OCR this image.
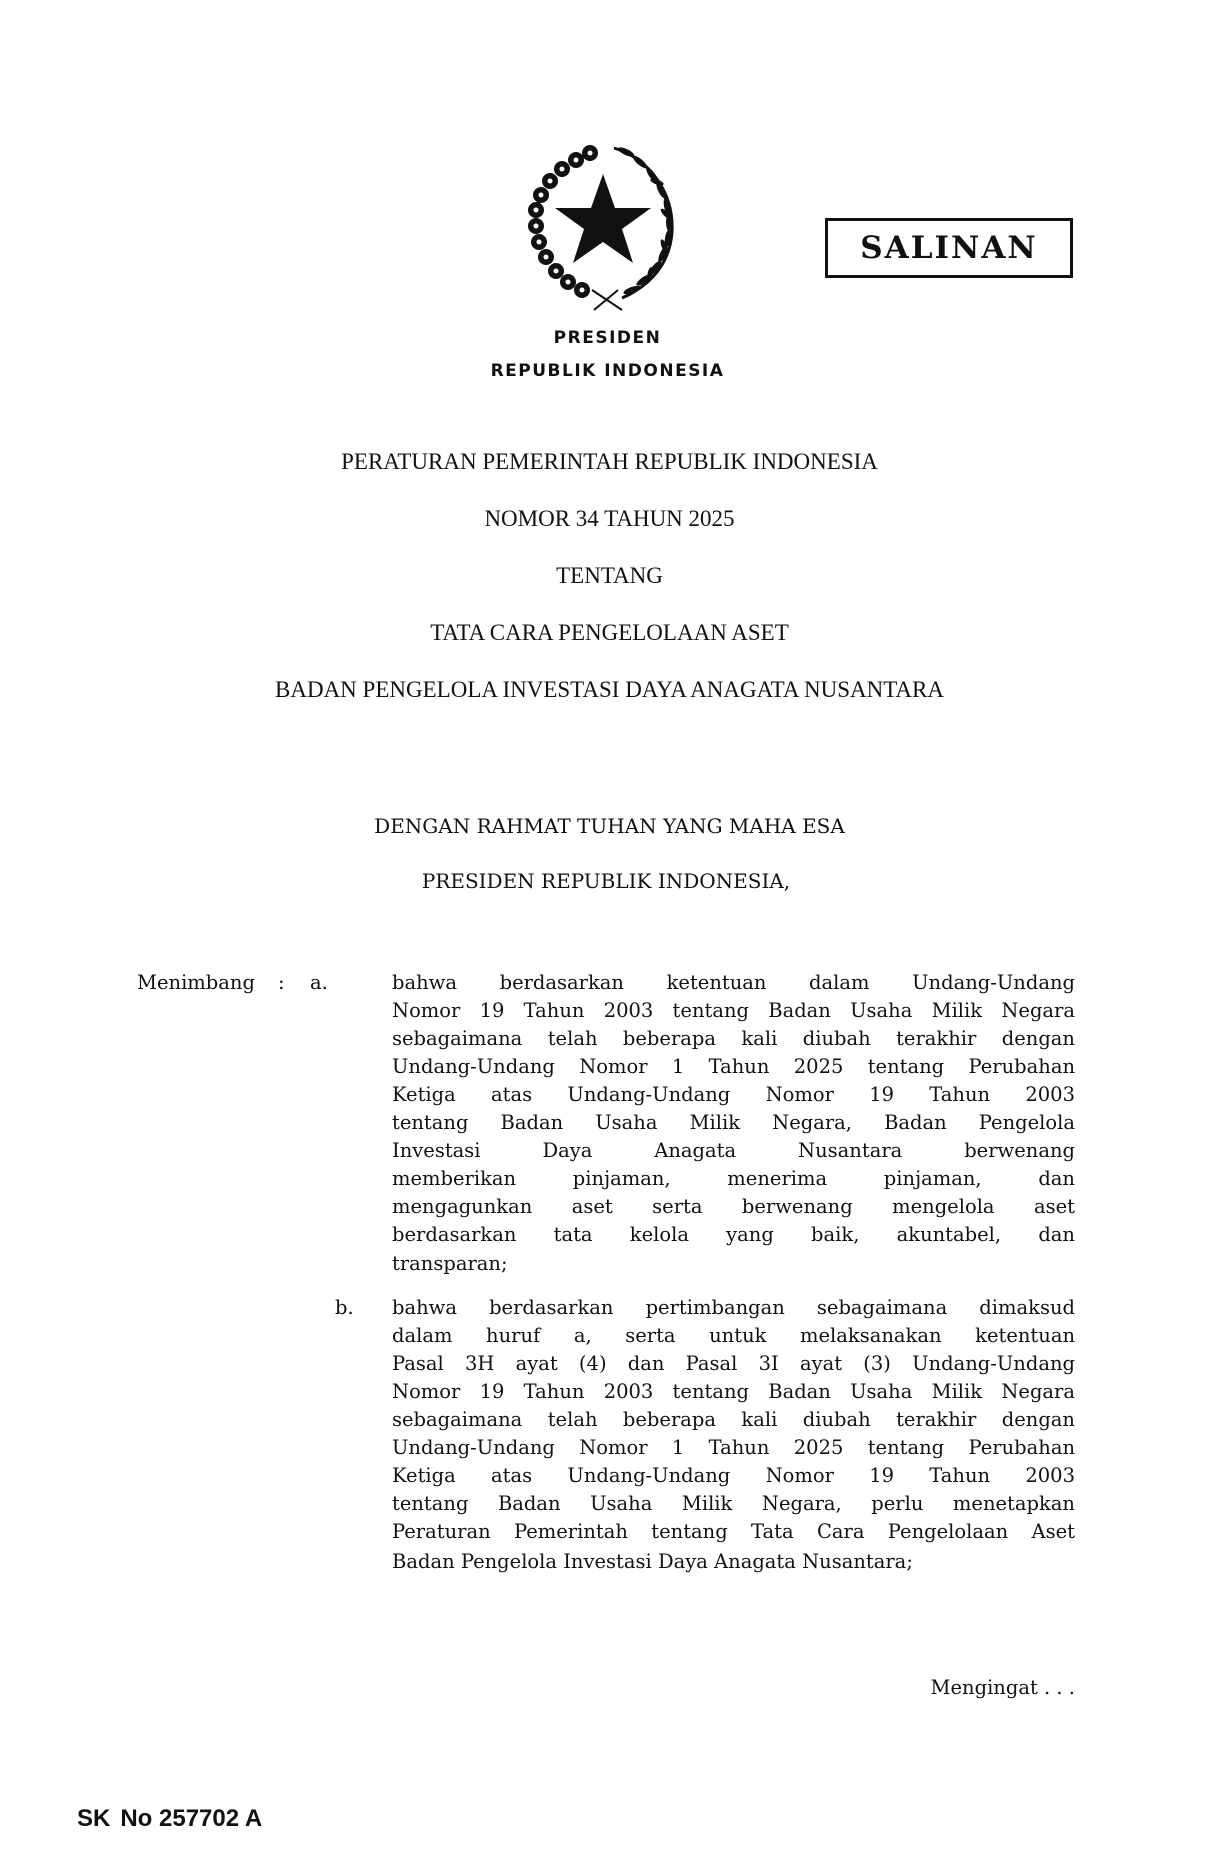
PRESIDEN
REPUBLIK INDONESIA
SALINAN
PERATURAN PEMERINTAH REPUBLIK INDONESIA
NOMOR 34 TAHUN 2025
TENTANG
TATA CARA PENGELOLAAN ASET
BADAN PENGELOLA INVESTASI DAYA ANAGATA NUSANTARA
DENGAN RAHMAT TUHAN YANG MAHA ESA
PRESIDEN REPUBLIK INDONESIA,
Menimbang : a.	bahwa berdasarkan ketentuan dalam Undang-Undang
Nomor 19 Tahun 2003 tentang Badan Usaha Milik Negara
sebagaimana telah beberapa kali diubah terakhir dengan
Undang-Undang Nomor 1 Tahun 2025 tentang Perubahan
Ketiga atas Undang-Undang Nomor 19 Tahun 2003
tentang Badan Usaha Milik Negara, Badan Pengelola
Investasi Daya Anagata Nusantara berwenang
memberikan pinjaman, menerima pinjaman, dan
mengagunkan aset serta berwenang mengelola aset
berdasarkan tata kelola yang baik, akuntabel, dan
transparan;
b. bahwa berdasarkan pertimbangan sebagaimana dimaksud
dalam huruf a, serta untuk melaksanakan ketentuan
Pasal 3H ayat (4) dan Pasal 3I ayat (3) Undang-Undang
Nomor 19 Tahun 2003 tentang Badan Usaha Milik Negara
sebagaimana telah beberapa kali diubah terakhir dengan
Undang-Undang Nomor 1 Tahun 2025 tentang Perubahan
Ketiga atas Undang-Undang Nomor 19 Tahun 2003
tentang Badan Usaha Milik Negara, perlu menetapkan
Peraturan Pemerintah tentang Tata Cara Pengelolaan Aset
Badan Pengelola Investasi Daya Anagata Nusantara;
Mengingat . . .
SK No 257702 A
